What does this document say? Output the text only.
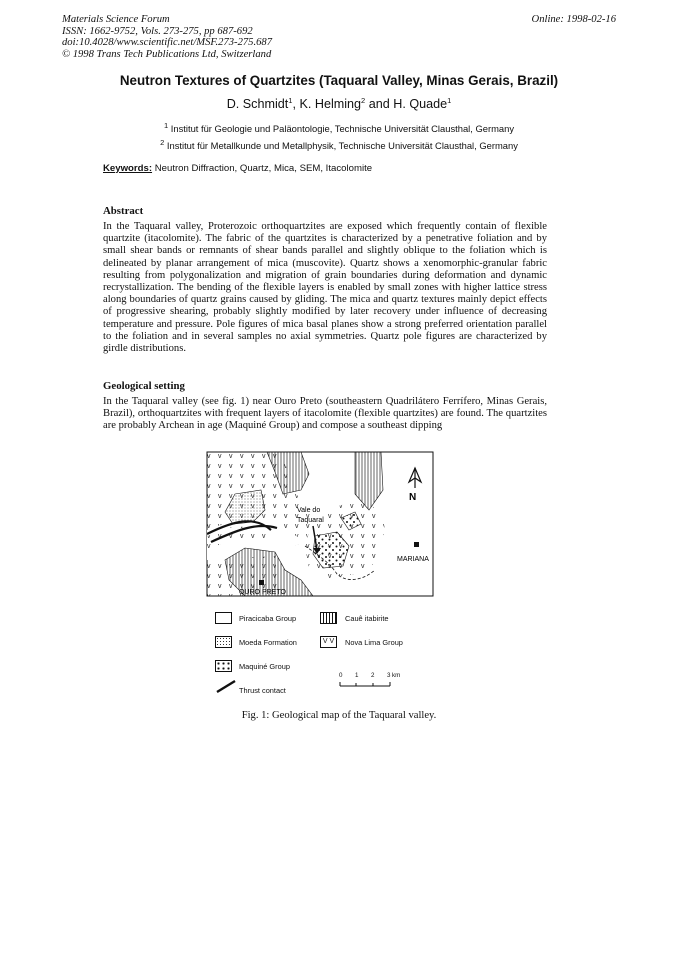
Materials Science Forum
ISSN: 1662-9752, Vols. 273-275, pp 687-692
doi:10.4028/www.scientific.net/MSF.273-275.687
© 1998 Trans Tech Publications Ltd, Switzerland
Online: 1998-02-16
Neutron Textures of Quartzites (Taquaral Valley, Minas Gerais, Brazil)
D. Schmidt$^1$, K. Helming$^2$ and H. Quade$^1$
$^1$ Institut für Geologie und Paläontologie, Technische Universität Clausthal, Germany
$^2$ Institut für Metallkunde und Metallphysik, Technische Universität Clausthal, Germany
Keywords: Neutron Diffraction, Quartz, Mica, SEM, Itacolomite
Abstract
In the Taquaral valley, Proterozoic orthoquartzites are exposed which frequently contain of flexible quartzite (itacolomite). The fabric of the quartzites is characterized by a penetrative foliation and by small shear bands or remnants of shear bands parallel and slightly oblique to the foliation which is delineated by planar arrangement of mica (muscovite). Quartz shows a xenomorphic-granular fabric resulting from polygonalization and migration of grain boundaries during deformation and dynamic recrystallization. The bending of the flexible layers is enabled by small zones with higher lattice stress along boundaries of quartz grains caused by gliding. The mica and quartz textures mainly depict effects of progressive shearing, probably slightly modified by later recovery under influence of decreasing temperature and pressure. Pole figures of mica basal planes show a strong preferred orientation parallel to the foliation and in several samples no axial symmetries. Quartz pole figures are characterized by girdle distributions.
Geological setting
In the Taquaral valley (see fig. 1) near Ouro Preto (southeastern Quadrilátero Ferrífero, Minas Gerais, Brazil), orthoquartzites with frequent layers of itacolomite (flexible quartzites) are found. The quartzites are probably Archean in age (Maquiné Group) and compose a southeast dipping
N
Vale do
Taquaral
MARIANA
OURO PRETO
Piracicaba Group	Cauê itabirite
Moeda Formation	V V	Nova Lima Group
Maquiné Group
Thrust contact
0 1 2 3 km
Fig. 1: Geological map of the Taquaral valley.
